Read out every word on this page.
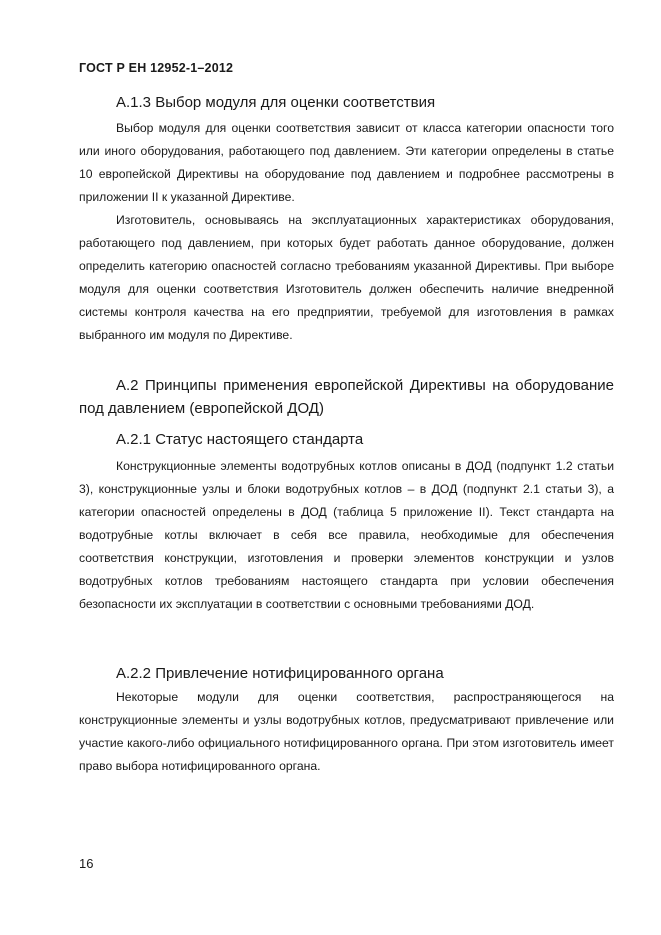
ГОСТ Р ЕН 12952-1–2012
А.1.3 Выбор модуля для оценки соответствия

Выбор модуля для оценки соответствия зависит от класса категории опасности того или иного оборудования, работающего под давлением. Эти категории определены в статье 10 европейской Директивы на оборудование под давлением и подробнее рассмотрены в приложении II к указанной Директиве.

Изготовитель, основываясь на эксплуатационных характеристиках оборудования, работающего под давлением, при которых будет работать данное оборудование, должен определить категорию опасностей согласно требованиям указанной Директивы. При выборе модуля для оценки соответствия Изготовитель должен обеспечить наличие внедренной системы контроля качества на его предприятии, требуемой для изготовления в рамках выбранного им модуля по Директиве.

А.2 Принципы применения европейской Директивы на оборудование под давлением (европейской ДОД)
А.2.1 Статус настоящего стандарта

Конструкционные элементы водотрубных котлов описаны в ДОД (подпункт 1.2 статьи 3), конструкционные узлы и блоки водотрубных котлов – в ДОД (подпункт 2.1 статьи 3), а категории опасностей определены в ДОД (таблица 5 приложение II). Текст стандарта на водотрубные котлы включает в себя все правила, необходимые для обеспечения соответствия конструкции, изготовления и проверки элементов конструкции и узлов водотрубных котлов требованиям настоящего стандарта при условии обеспечения безопасности их эксплуатации в соответствии с основными требованиями ДОД.

А.2.2 Привлечение нотифицированного органа

Некоторые модули для оценки соответствия, распространяющегося на конструкционные элементы и узлы водотрубных котлов, предусматривают привлечение или участие какого-либо официального нотифицированного органа. При этом изготовитель имеет право выбора нотифицированного органа.

16
